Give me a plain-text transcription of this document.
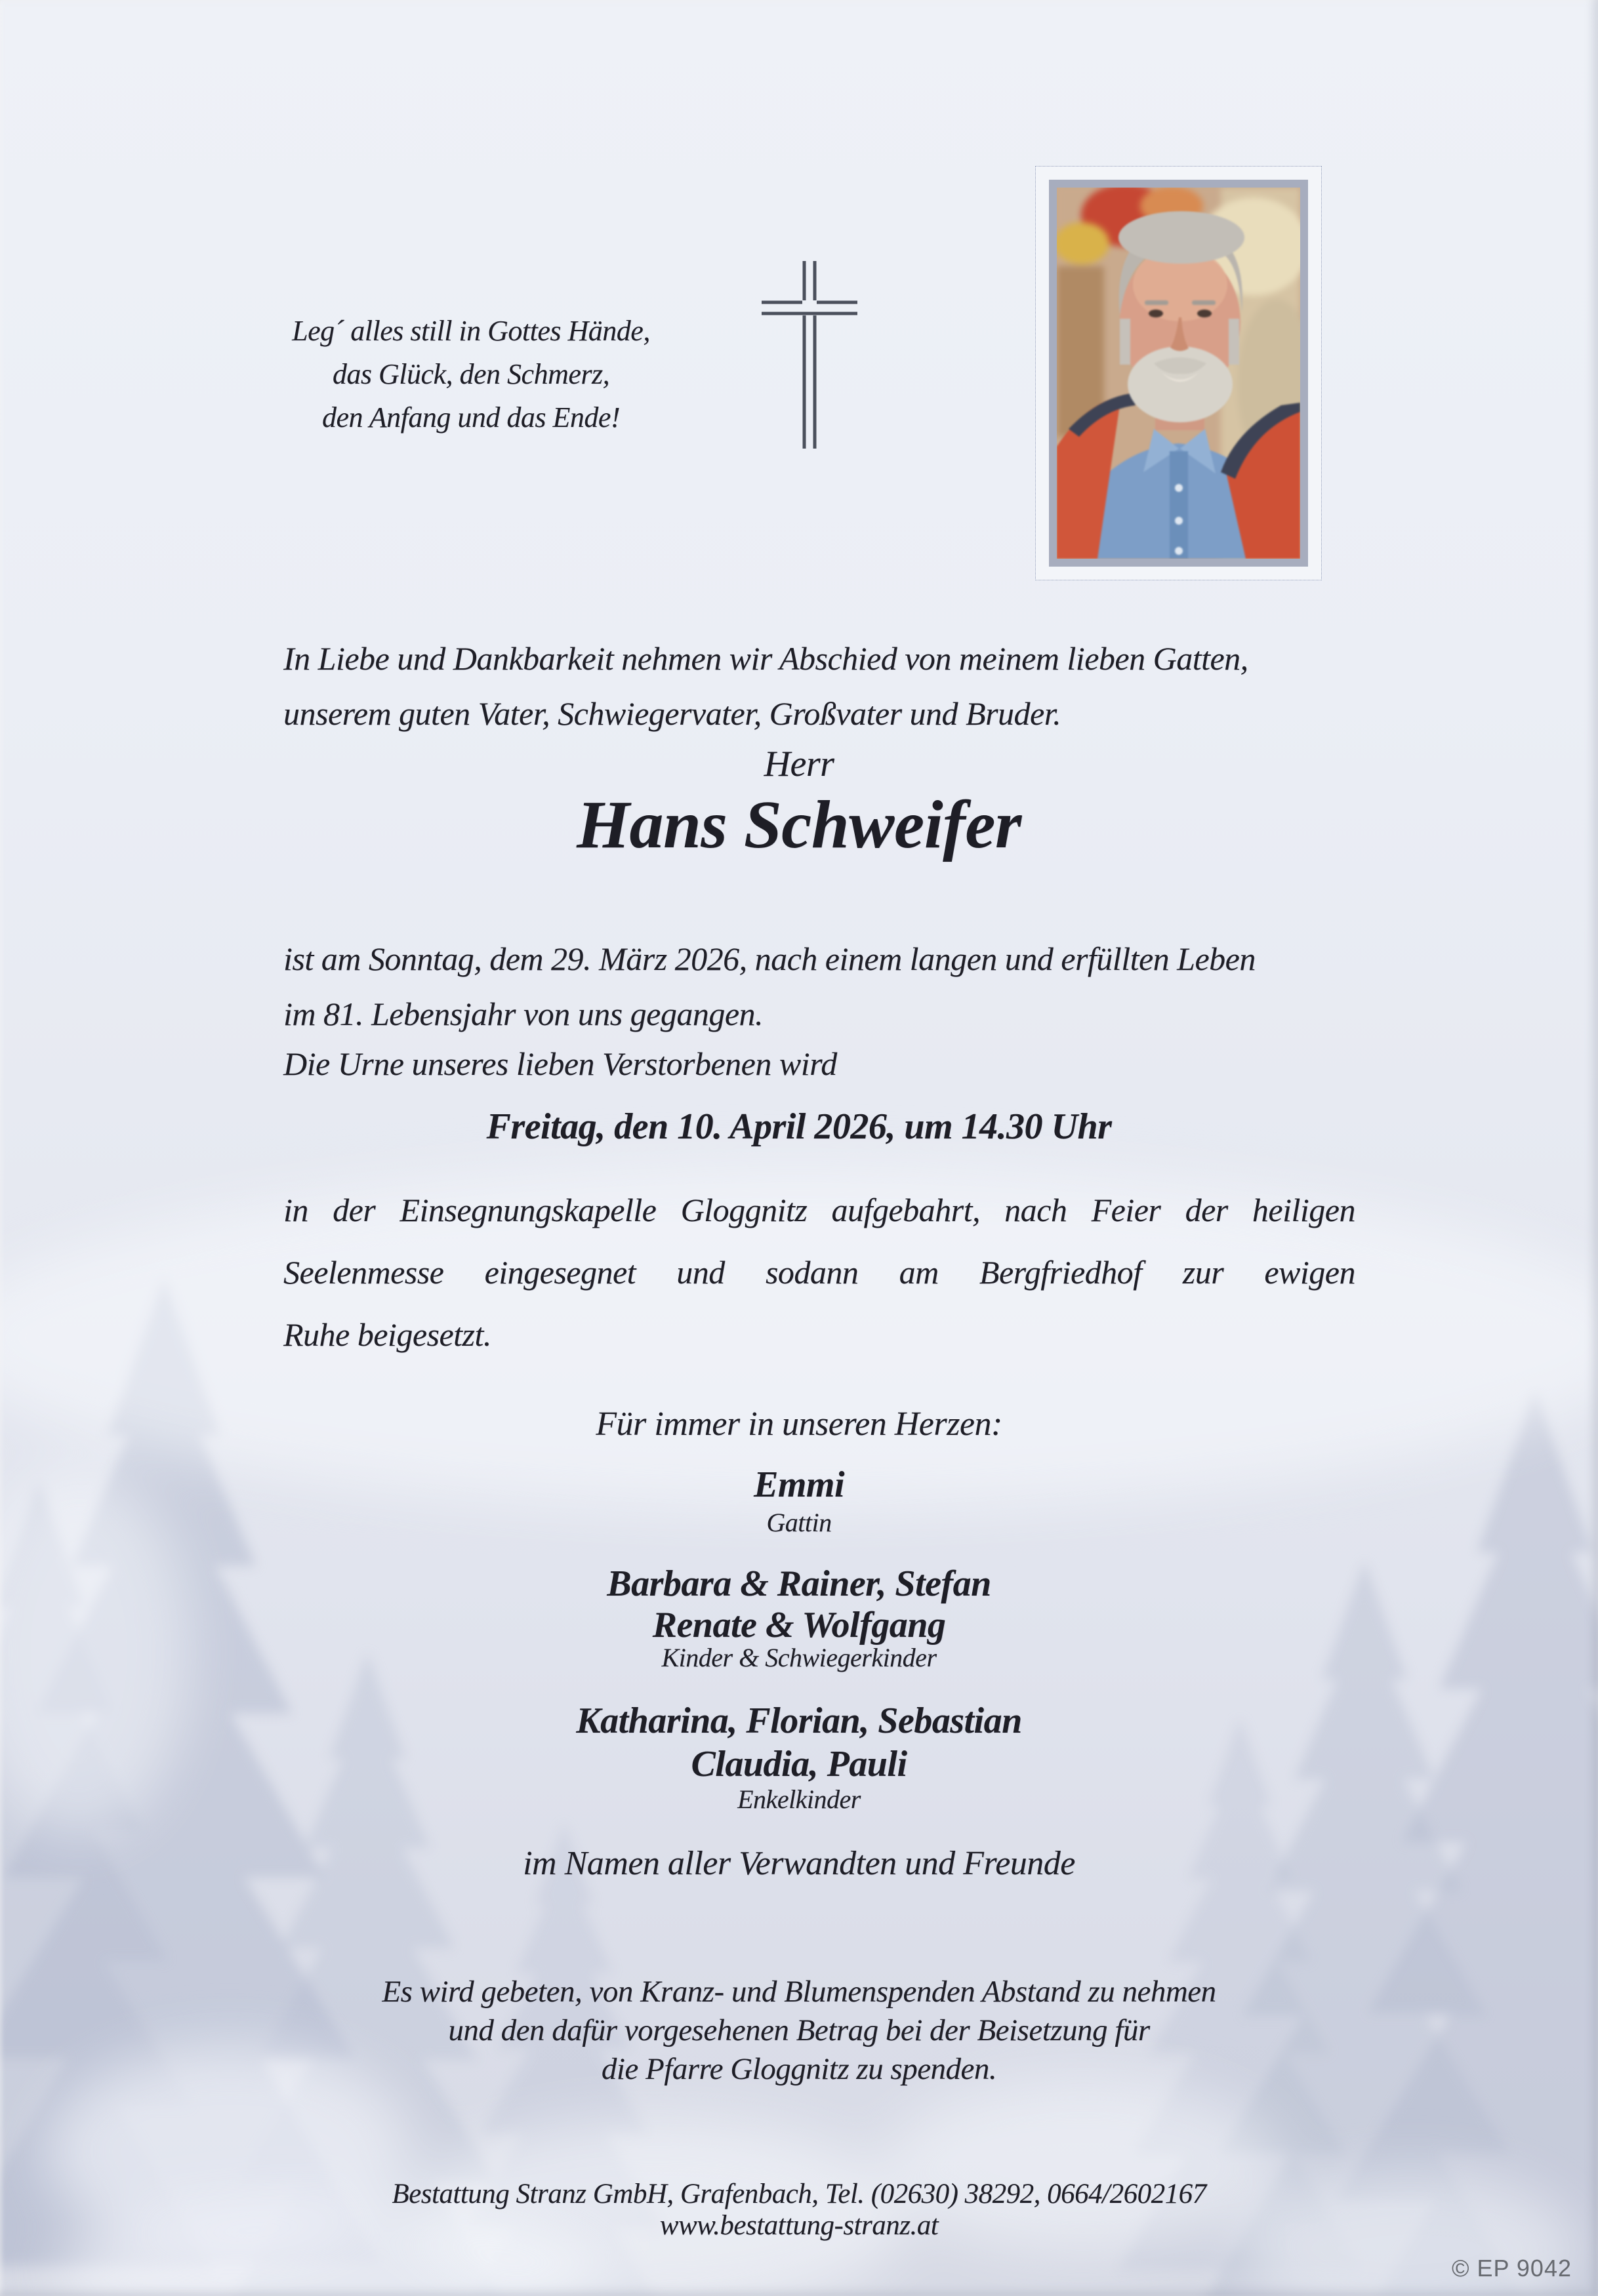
Leg´ alles still in Gottes Hände,
das Glück, den Schmerz,
den Anfang und das Ende!
In Liebe und Dankbarkeit nehmen wir Abschied von meinem lieben Gatten,
unserem guten Vater, Schwiegervater, Großvater und Bruder.
Herr
Hans Schweifer
ist am Sonntag, dem 29. März 2026, nach einem langen und erfüllten Leben
im 81. Lebensjahr von uns gegangen.
Die Urne unseres lieben Verstorbenen wird
Freitag, den 10. April 2026, um 14.30 Uhr
in der Einsegnungskapelle Gloggnitz aufgebahrt, nach Feier der heiligen
Seelenmesse eingesegnet und sodann am Bergfriedhof zur ewigen
Ruhe beigesetzt.
Für immer in unseren Herzen:
Emmi
Gattin
Barbara & Rainer, Stefan
Renate & Wolfgang
Kinder & Schwiegerkinder
Katharina, Florian, Sebastian
Claudia, Pauli
Enkelkinder
im Namen aller Verwandten und Freunde
Es wird gebeten, von Kranz- und Blumenspenden Abstand zu nehmen
und den dafür vorgesehenen Betrag bei der Beisetzung für
die Pfarre Gloggnitz zu spenden.
Bestattung Stranz GmbH, Grafenbach, Tel. (02630) 38292, 0664/2602167
www.bestattung-stranz.at
© EP 9042
